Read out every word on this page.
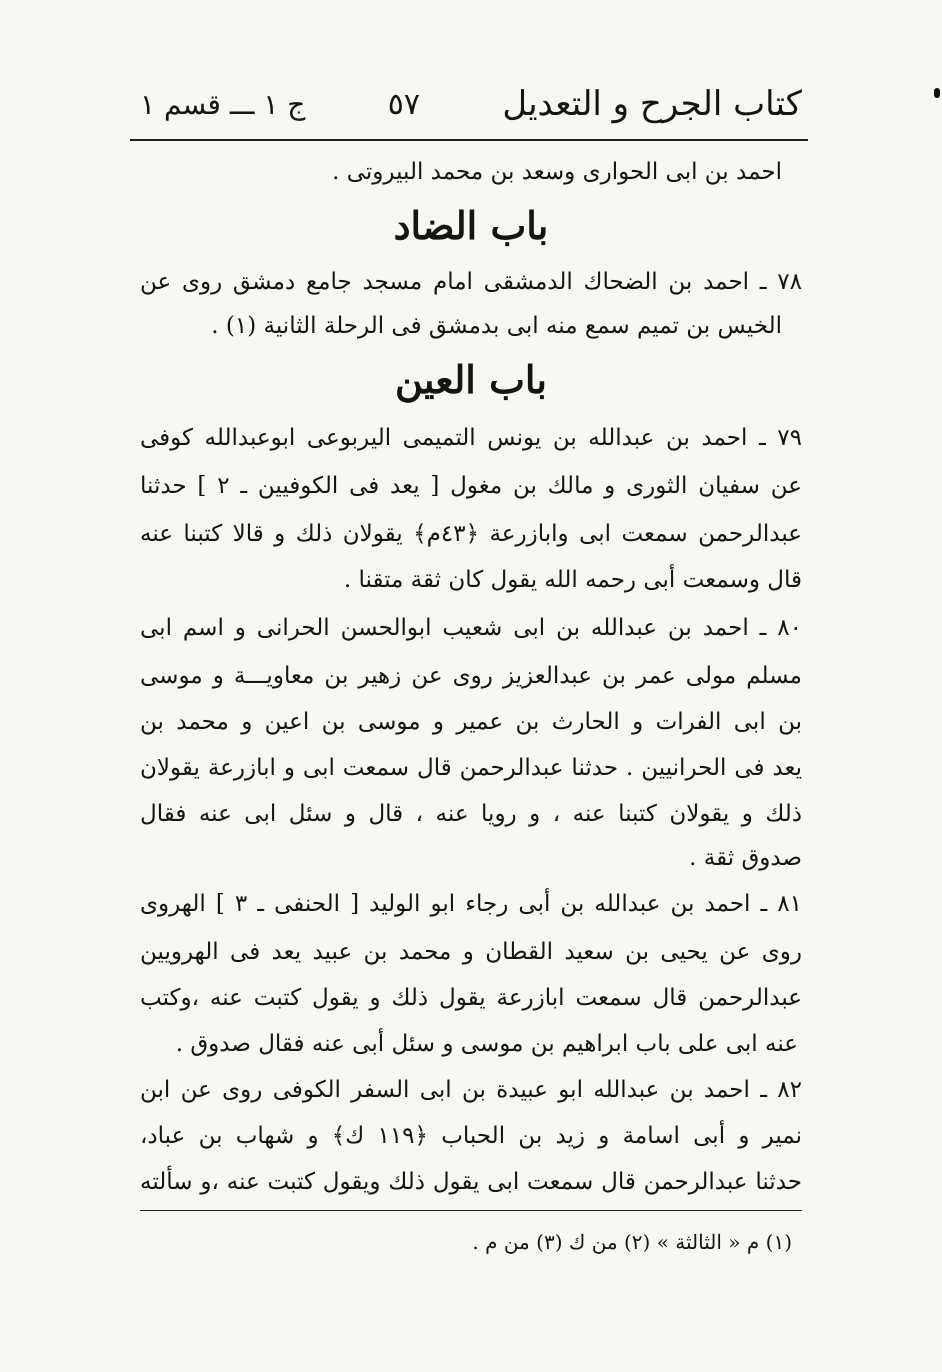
كتاب الجرح و التعديل
٥٧
ج ١ ـــ قسم ١
احمد بن ابى الحوارى وسعد بن محمد البيروتى .
باب الضاد
٧٨ ـ احمد بن الضحاك الدمشقى امام مسجد جامع دمشق روى عن
الخيس بن تميم سمع منه ابى بدمشق فى الرحلة الثانية (١) .
باب العين
٧٩ ـ احمد بن عبدالله بن يونس التميمى اليربوعى ابوعبدالله كوفى
عن سفيان الثورى و مالك بن مغول [ يعد فى الكوفيين ـ ٢ ] حدثنا
عبدالرحمن سمعت ابى وابازرعة ﴿٤٣م﴾ يقولان ذلك و قالا كتبنا عنه
قال وسمعت أبى رحمه الله يقول كان ثقة متقنا .
٨٠ ـ احمد بن عبدالله بن ابى شعيب ابوالحسن الحرانى و اسم ابى
مسلم مولى عمر بن عبدالعزيز روى عن زهير بن معاويـــة و موسى
بن ابى الفرات و الحارث بن عمير و موسى بن اعين و محمد بن
يعد فى الحرانيين . حدثنا عبدالرحمن قال سمعت ابى و ابازرعة يقولان
ذلك و يقولان كتبنا عنه ، و رويا عنه ، قال و سئل ابى عنه فقال
صدوق ثقة .
٨١ ـ احمد بن عبدالله بن أبى رجاء ابو الوليد [ الحنفى ـ ٣ ] الهروى
روى عن يحيى بن سعيد القطان و محمد بن عبيد يعد فى الهرويين
عبدالرحمن قال سمعت ابازرعة يقول ذلك و يقول كتبت عنه ،وكتب
عنه ابى على باب ابراهيم بن موسى و سئل أبى عنه فقال صدوق .
٨٢ ـ احمد بن عبدالله ابو عبيدة بن ابى السفر الكوفى روى عن ابن
نمير و أبى اسامة و زيد بن الحباب ﴿١١٩ ك﴾ و شهاب بن عباد،
حدثنا عبدالرحمن قال سمعت ابى يقول ذلك ويقول كتبت عنه ،و سألته
(١) م « الثالثة » (٢) من ك (٣) من م .
